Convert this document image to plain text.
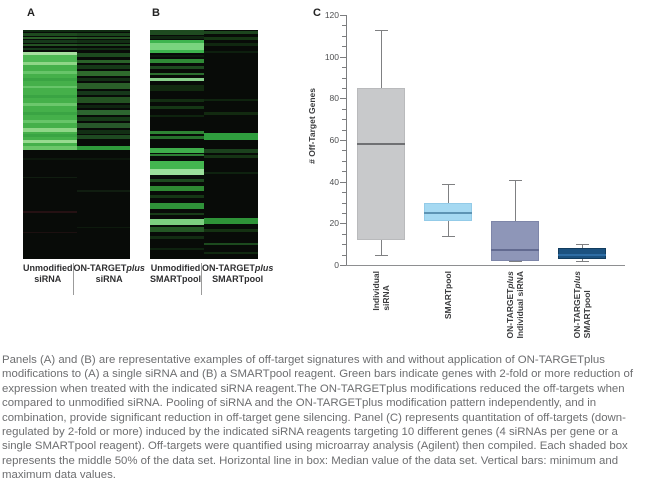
A
Unmodified
siRNA
ON-TARGETplus
siRNA
B
Unmodified
SMARTpool
ON-TARGETplus
SMARTpool
C
# Off-Target Genes
0
20
40
60
80
100
120
Individual siRNA	SMARTpool	ON-TARGETplus Individual siRNA	ON-TARGETplus
SMARTpool

Panels (A) and (B) are representative examples of off-target signatures with and without application of ON-TARGETplus modifications to (A) a single siRNA and (B) a SMARTpool reagent. Green bars indicate genes with 2-fold or more reduction of expression when treated with the indicated siRNA reagent.The ON-TARGETplus modifications reduced the off-targets when compared to unmodified siRNA. Pooling of siRNA and the ON-TARGETplus modification pattern independently, and in combination, provide significant reduction in off-target gene silencing. Panel (C) represents quantitation of off-targets (down-regulated by 2-fold or more) induced by the indicated siRNA reagents targeting 10 different genes (4 siRNAs per gene or a single SMARTpool reagent). Off-targets were quantified using microarray analysis (Agilent) then compiled. Each shaded box represents the middle 50% of the data set. Horizontal line in box: Median value of the data set. Vertical bars: minimum and maximum data values.
